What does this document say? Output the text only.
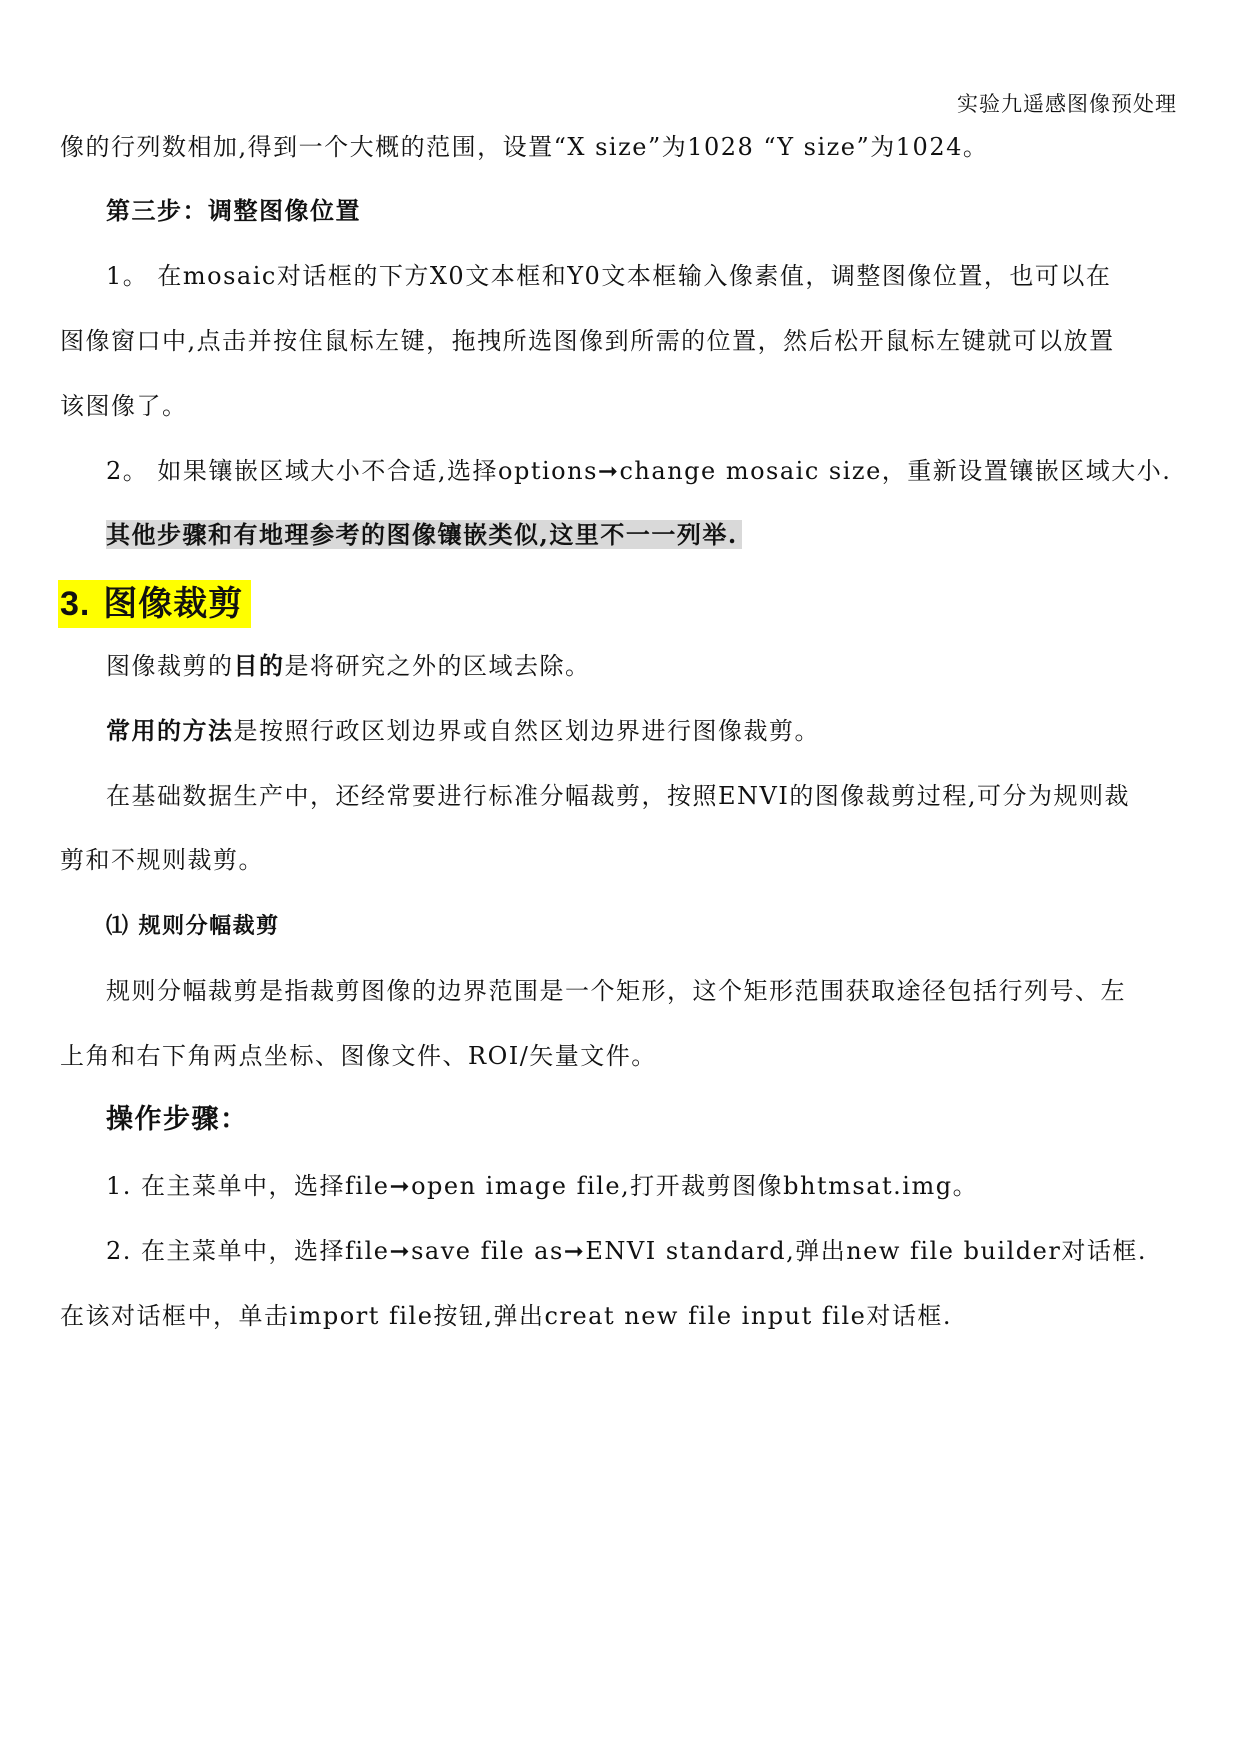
实验九遥感图像预处理
像的行列数相加,得到一个大概的范围，设置“X size”为1028 “Y size”为1024。
第三步：调整图像位置
1。 在mosaic对话框的下方X0文本框和Y0文本框输入像素值，调整图像位置，也可以在
图像窗口中,点击并按住鼠标左键，拖拽所选图像到所需的位置，然后松开鼠标左键就可以放置
该图像了。
2。 如果镶嵌区域大小不合适,选择options➞change mosaic size，重新设置镶嵌区域大小.
其他步骤和有地理参考的图像镶嵌类似,这里不一一列举.
3. 图像裁剪
图像裁剪的目的是将研究之外的区域去除。
常用的方法是按照行政区划边界或自然区划边界进行图像裁剪。
在基础数据生产中，还经常要进行标准分幅裁剪，按照ENVI的图像裁剪过程,可分为规则裁
剪和不规则裁剪。
⑴ 规则分幅裁剪
规则分幅裁剪是指裁剪图像的边界范围是一个矩形，这个矩形范围获取途径包括行列号、左
上角和右下角两点坐标、图像文件、ROI/矢量文件。
操作步骤：
1. 在主菜单中，选择file➞open image file,打开裁剪图像bhtmsat.img。
2. 在主菜单中，选择file➞save file as➞ENVI standard,弹出new file builder对话框.
在该对话框中，单击import file按钮,弹出creat new file input file对话框.
